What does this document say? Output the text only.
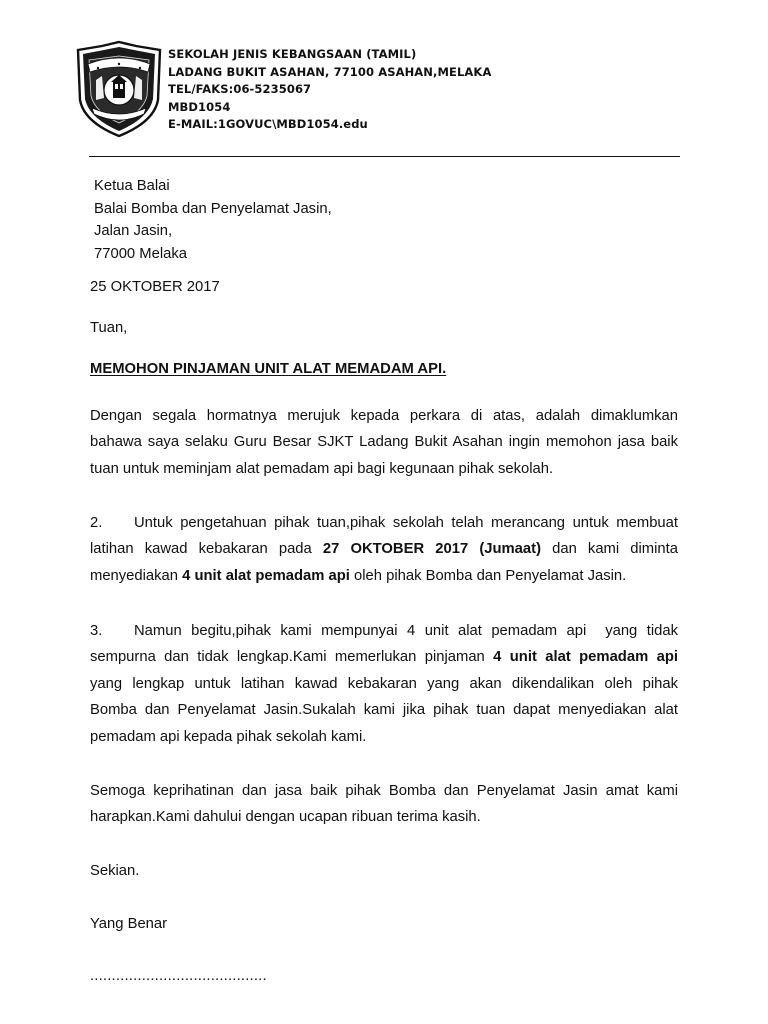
SEKOLAH JENIS KEBANGSAAN (TAMIL)
LADANG BUKIT ASAHAN, 77100 ASAHAN,MELAKA
TEL/FAKS:06-5235067
MBD1054
E-MAIL:1GOVUC\MBD1054.edu
Ketua Balai
Balai Bomba dan Penyelamat Jasin,
Jalan Jasin,
77000 Melaka
25 OKTOBER 2017
Tuan,
MEMOHON PINJAMAN UNIT ALAT MEMADAM API.
Dengan segala hormatnya merujuk kepada perkara di atas, adalah dimaklumkan
bahawa saya selaku Guru Besar SJKT Ladang Bukit Asahan ingin memohon jasa baik
tuan untuk meminjam alat pemadam api bagi kegunaan pihak sekolah.
2. Untuk pengetahuan pihak tuan,pihak sekolah telah merancang untuk membuat
latihan kawad kebakaran pada 27 OKTOBER 2017 (Jumaat) dan kami diminta
menyediakan 4 unit alat pemadam api oleh pihak Bomba dan Penyelamat Jasin.
3. Namun begitu,pihak kami mempunyai 4 unit alat pemadam api  yang tidak
sempurna dan tidak lengkap.Kami memerlukan pinjaman 4 unit alat pemadam api
yang lengkap untuk latihan kawad kebakaran yang akan dikendalikan oleh pihak
Bomba dan Penyelamat Jasin.Sukalah kami jika pihak tuan dapat menyediakan alat
pemadam api kepada pihak sekolah kami.
Semoga keprihatinan dan jasa baik pihak Bomba dan Penyelamat Jasin amat kami
harapkan.Kami dahului dengan ucapan ribuan terima kasih.
Sekian.
Yang Benar
.........................................
